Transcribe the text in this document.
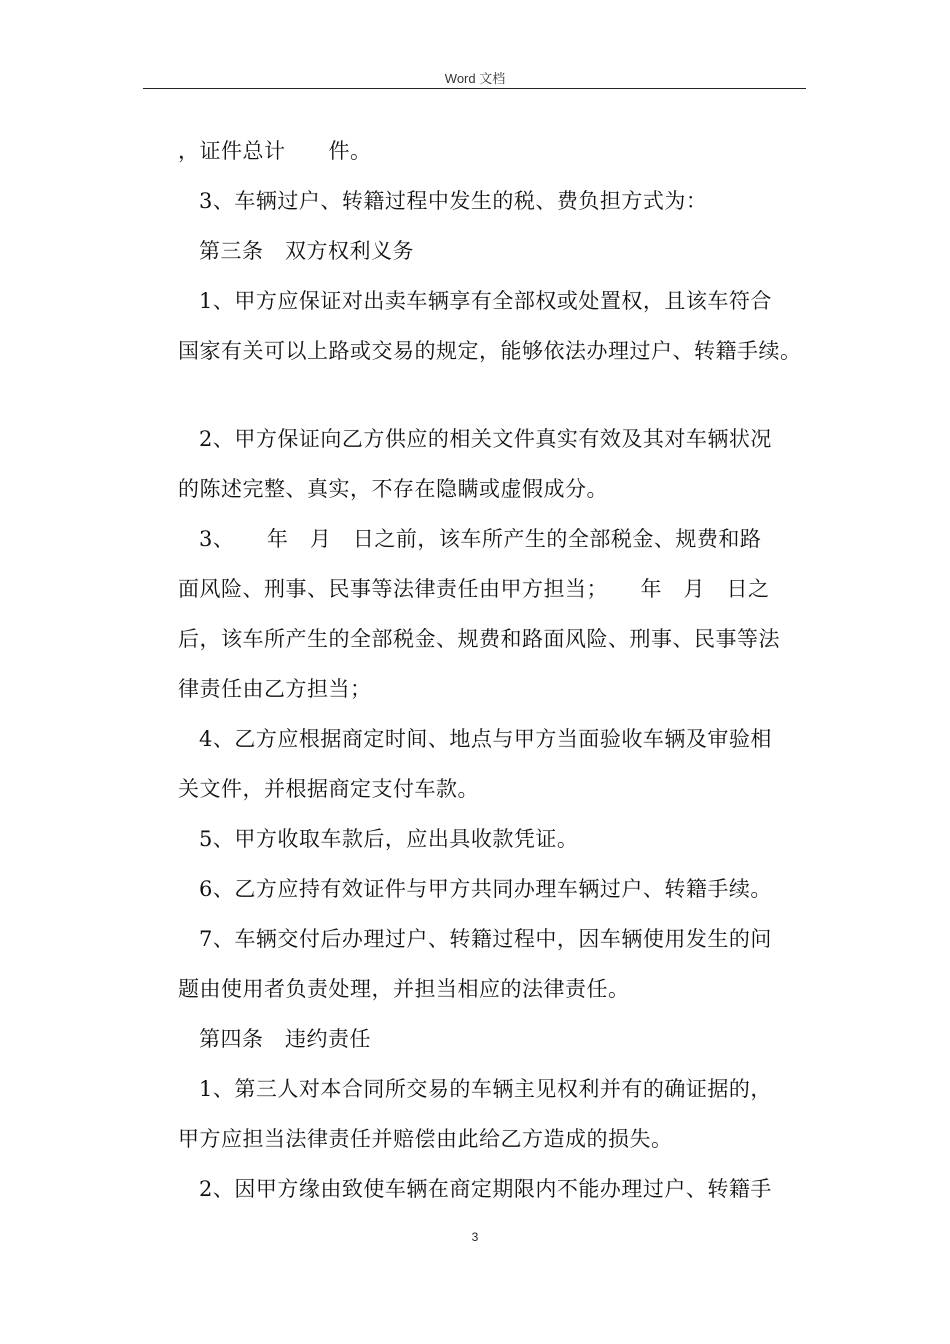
Word 文档
，证件总计　　件。
3、车辆过户、转籍过程中发生的税、费负担方式为：
第三条　双方权利义务
1、甲方应保证对出卖车辆享有全部权或处置权，且该车符合
国家有关可以上路或交易的规定，能够依法办理过户、转籍手续。
2、甲方保证向乙方供应的相关文件真实有效及其对车辆状况
的陈述完整、真实，不存在隐瞒或虚假成分。
3、　　年　月　日之前，该车所产生的全部税金、规费和路
面风险、刑事、民事等法律责任由甲方担当；　　年　月　日之
后，该车所产生的全部税金、规费和路面风险、刑事、民事等法
律责任由乙方担当；
4、乙方应根据商定时间、地点与甲方当面验收车辆及审验相
关文件，并根据商定支付车款。
5、甲方收取车款后，应出具收款凭证。
6、乙方应持有效证件与甲方共同办理车辆过户、转籍手续。
7、车辆交付后办理过户、转籍过程中，因车辆使用发生的问
题由使用者负责处理，并担当相应的法律责任。
第四条　违约责任
1、第三人对本合同所交易的车辆主见权利并有的确证据的，
甲方应担当法律责任并赔偿由此给乙方造成的损失。
2、因甲方缘由致使车辆在商定期限内不能办理过户、转籍手
3
